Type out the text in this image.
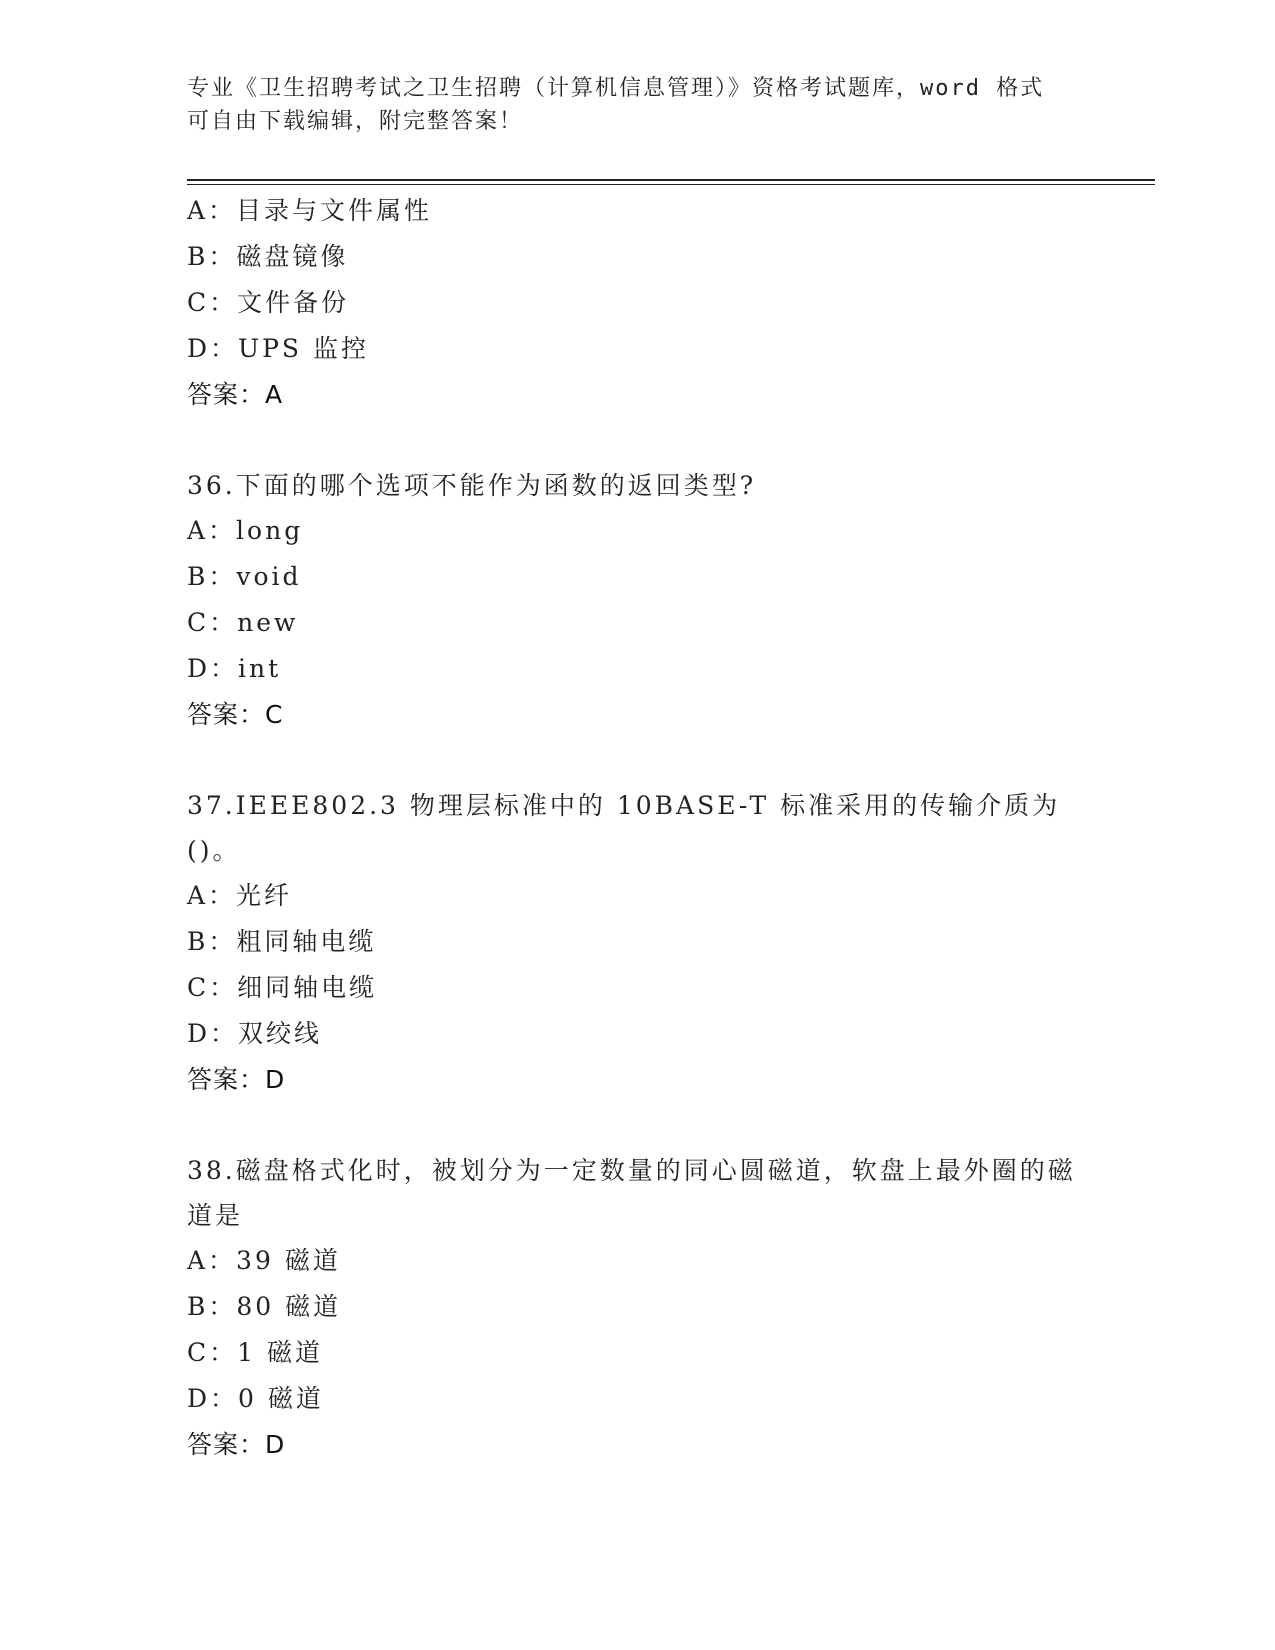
专业《卫生招聘考试之卫生招聘（计算机信息管理）》资格考试题库，word 格式
可自由下载编辑，附完整答案！
A：目录与文件属性
B：磁盘镜像
C：文件备份
D：UPS 监控
答案：A
36.下面的哪个选项不能作为函数的返回类型?
A：long
B：void
C：new
D：int
答案：C
37.IEEE802.3 物理层标准中的 10BASE-T 标准采用的传输介质为()。
A：光纤
B：粗同轴电缆
C：细同轴电缆
D：双绞线
答案：D
38.磁盘格式化时，被划分为一定数量的同心圆磁道，软盘上最外圈的磁道是
A：39 磁道
B：80 磁道
C：1 磁道
D：0 磁道
答案：D
